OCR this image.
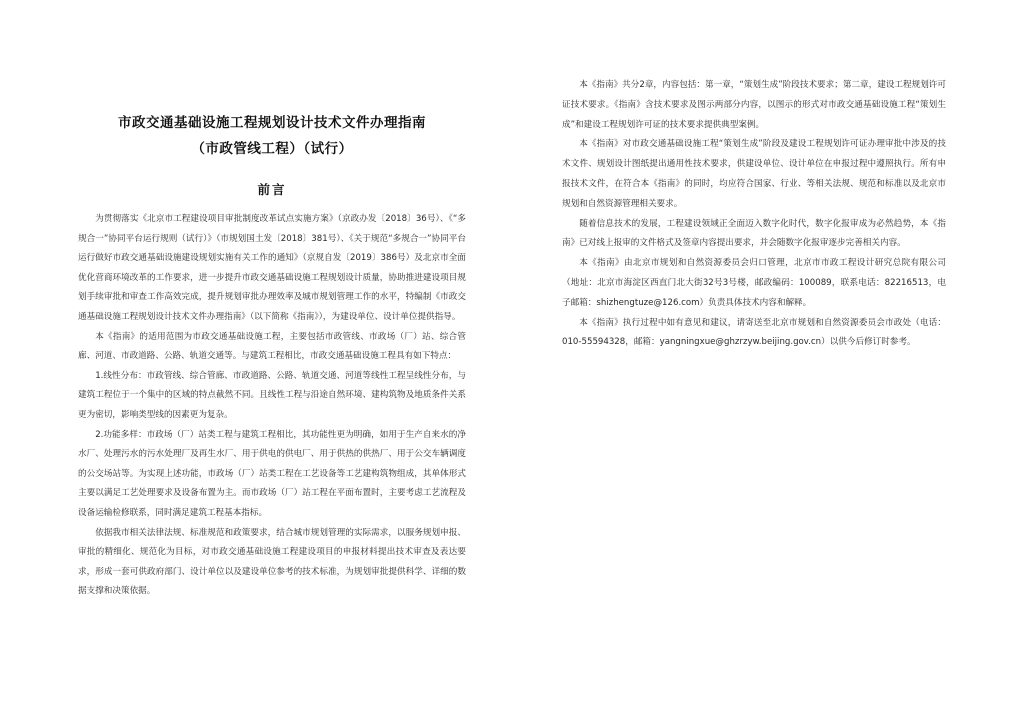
市政交通基础设施工程规划设计技术文件办理指南
（市政管线工程）（试行）
前言

为贯彻落实《北京市工程建设项目审批制度改革试点实施方案》（京政办发〔2018〕36号）、《“多规合一”协同平台运行规则（试行）》（市规划国土发〔2018〕381号）、《关于规范“多规合一”协同平台运行做好市政交通基础设施建设规划实施有关工作的通知》（京规自发〔2019〕386号）及北京市全面优化营商环境改革的工作要求，进一步提升市政交通基础设施工程规划设计质量，协助推进建设项目规划手续审批和审查工作高效完成，提升规划审批办理效率及城市规划管理工作的水平，特编制《市政交通基础设施工程规划设计技术文件办理指南》（以下简称《指南》），为建设单位、设计单位提供指导。

本《指南》的适用范围为市政交通基础设施工程，主要包括市政管线、市政场（厂）站、综合管廊、河道、市政道路、公路、轨道交通等。与建筑工程相比，市政交通基础设施工程具有如下特点：

1.线性分布：市政管线、综合管廊、市政道路、公路、轨道交通、河道等线性工程呈线性分布，与建筑工程位于一个集中的区域的特点截然不同。且线性工程与沿途自然环境、建构筑物及地质条件关系更为密切，影响类型线的因素更为复杂。

2.功能多样：市政场（厂）站类工程与建筑工程相比，其功能性更为明确，如用于生产自来水的净水厂、处理污水的污水处理厂及再生水厂、用于供电的供电厂、用于供热的供热厂、用于公交车辆调度的公交场站等。为实现上述功能，市政场（厂）站类工程在工艺设备等工艺建构筑物组成，其单体形式主要以满足工艺处理要求及设备布置为主。而市政场（厂）站工程在平面布置时，主要考虑工艺流程及设备运输检修联系，同时满足建筑工程基本指标。

依据我市相关法律法规、标准规范和政策要求，结合城市规划管理的实际需求，以服务规划申报、审批的精细化、规范化为目标，对市政交通基础设施工程建设项目的申报材料提出技术审查及表达要求，形成一套可供政府部门、设计单位以及建设单位参考的技术标准，为规划审批提供科学、详细的数据支撑和决策依据。

本《指南》共分2章，内容包括：第一章，“策划生成”阶段技术要求；第二章，建设工程规划许可证技术要求。《指南》含技术要求及图示两部分内容，以图示的形式对市政交通基础设施工程“策划生成”和建设工程规划许可证的技术要求提供典型案例。

本《指南》对市政交通基础设施工程“策划生成”阶段及建设工程规划许可证办理审批中涉及的技术文件、规划设计图纸提出通用性技术要求，供建设单位、设计单位在申报过程中遵照执行。所有申报技术文件，在符合本《指南》的同时，均应符合国家、行业、等相关法规、规范和标准以及北京市规划和自然资源管理相关要求。

随着信息技术的发展，工程建设领域正全面迈入数字化时代，数字化报审成为必然趋势，本《指南》已对线上报审的文件格式及签章内容提出要求，并会随数字化报审逐步完善相关内容。

本《指南》由北京市规划和自然资源委员会归口管理，北京市市政工程设计研究总院有限公司（地址：北京市海淀区西直门北大街32号3号楼，邮政编码：100089，联系电话：82216513，电子邮箱：shizhengtuze@126.com）负责具体技术内容和解释。

本《指南》执行过程中如有意见和建议，请寄送至北京市规划和自然资源委员会市政处（电话：010-55594328，邮箱：yangningxue@ghzrzyw.beijing.gov.cn）以供今后修订时参考。
